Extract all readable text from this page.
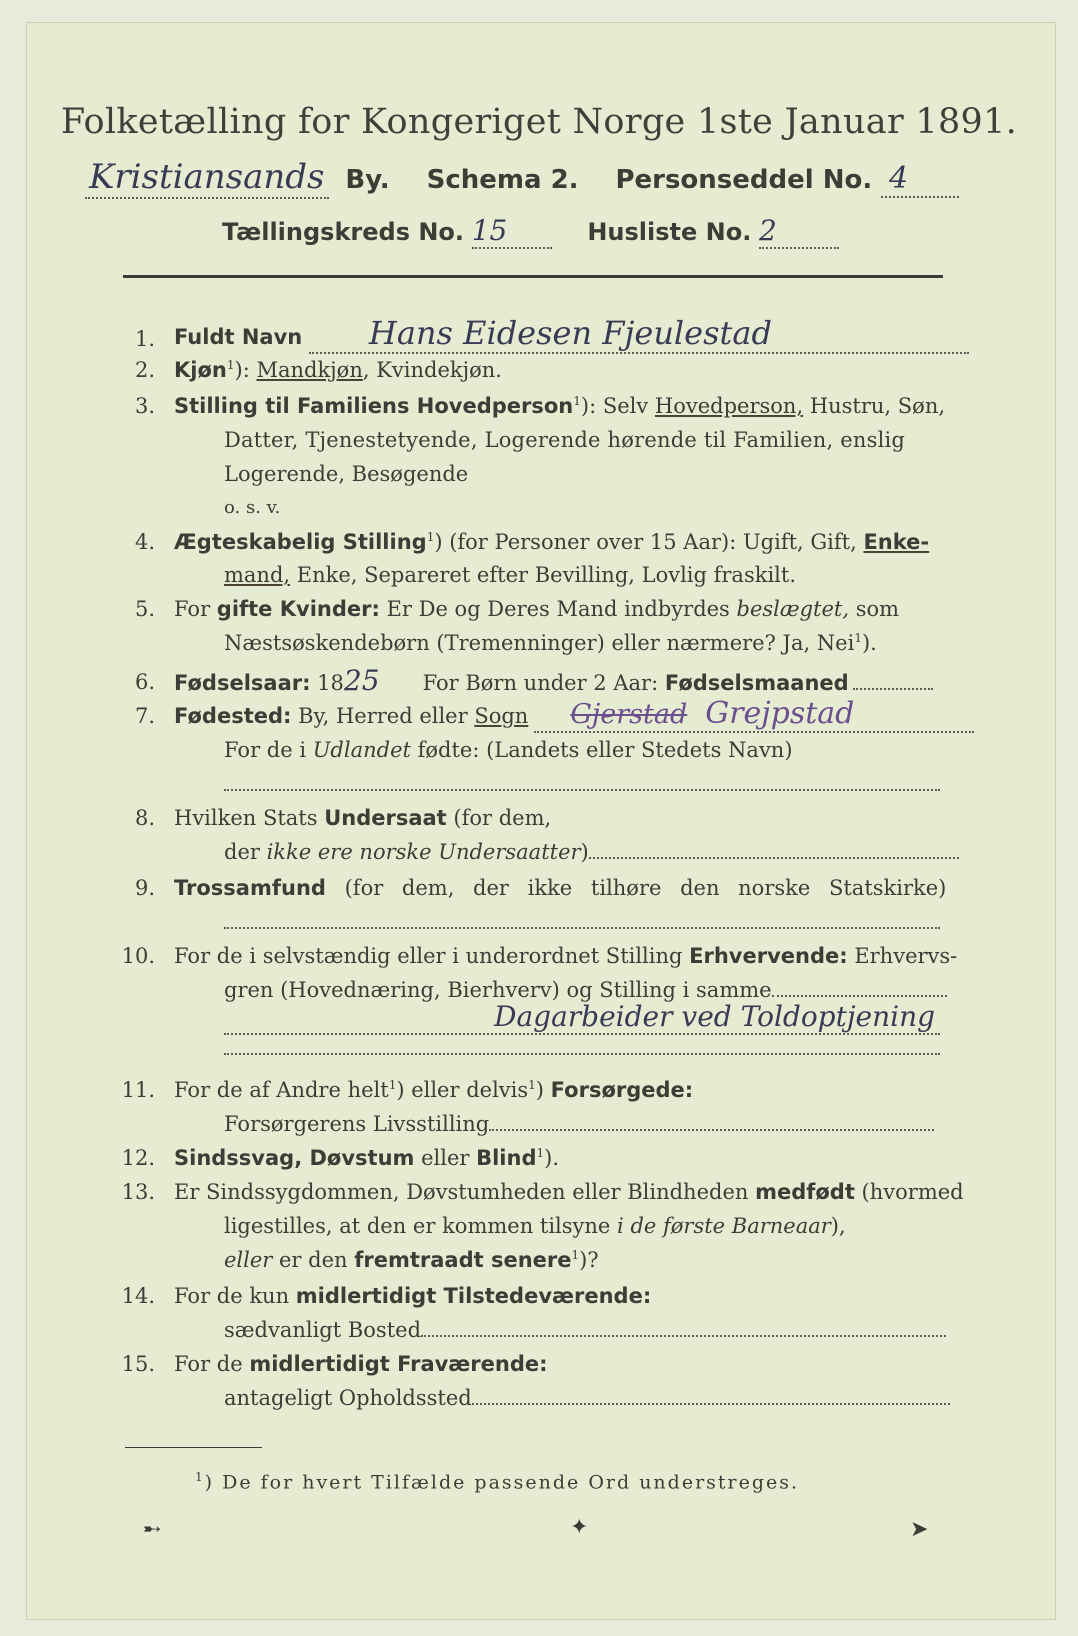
Folketælling for Kongeriget Norge 1ste Januar 1891.
Kristiansands By. Schema 2. Personseddel No. 4
Tællingskreds No. 15	Husliste No. 2
1. Fuldt Navn Hans Eidesen Fjeulestad
2. Kjøn$^1$): Mandkjøn, Kvindekjøn.
3. Stilling til Familiens Hovedperson$^1$): Selv Hovedperson, Hustru, Søn,
Datter, Tjenestetyende, Logerende hørende til Familien, enslig
Logerende, Besøgende
o. s. v.
4. Ægteskabelig Stilling$^1$) (for Personer over 15 Aar): Ugift, Gift, Enke-
mand, Enke, Separeret efter Bevilling, Lovlig fraskilt.
5. For gifte Kvinder: Er De og Deres Mand indbyrdes beslægtet, som
Næstsøskendebørn (Tremenninger) eller nærmere? Ja, Nei$^1$).
6. Fødselsaar: 1825 For Børn under 2 Aar: Fødselsmaaned
7. Fødested: By, Herred eller Sogn Gjerstad Grejpstad
For de i Udlandet fødte: (Landets eller Stedets Navn)
8. Hvilken Stats Undersaat (for dem,
der ikke ere norske Undersaatter)
9. Trossamfund (for dem, der ikke tilhøre den norske Statskirke)
10. For de i selvstændig eller i underordnet Stilling Erhvervende: Erhvervs-
gren (Hovednæring, Bierhverv) og Stilling i samme
Dagarbeider ved Toldoptjening
11. For de af Andre helt$^1$) eller delvis$^1$) Forsørgede:
Forsørgerens Livsstilling
12. Sindssvag, Døvstum eller Blind$^1$).
13. Er Sindssygdommen, Døvstumheden eller Blindheden medfødt (hvormed
ligestilles, at den er kommen tilsyne i de første Barneaar),
eller er den fremtraadt senere$^1$)?
14. For de kun midlertidigt Tilstedeværende:
sædvanligt Bosted
15. For de midlertidigt Fraværende:
antageligt Opholdssted
$^1$) De for hvert Tilfælde passende Ord understreges.
➸	✦	➤
